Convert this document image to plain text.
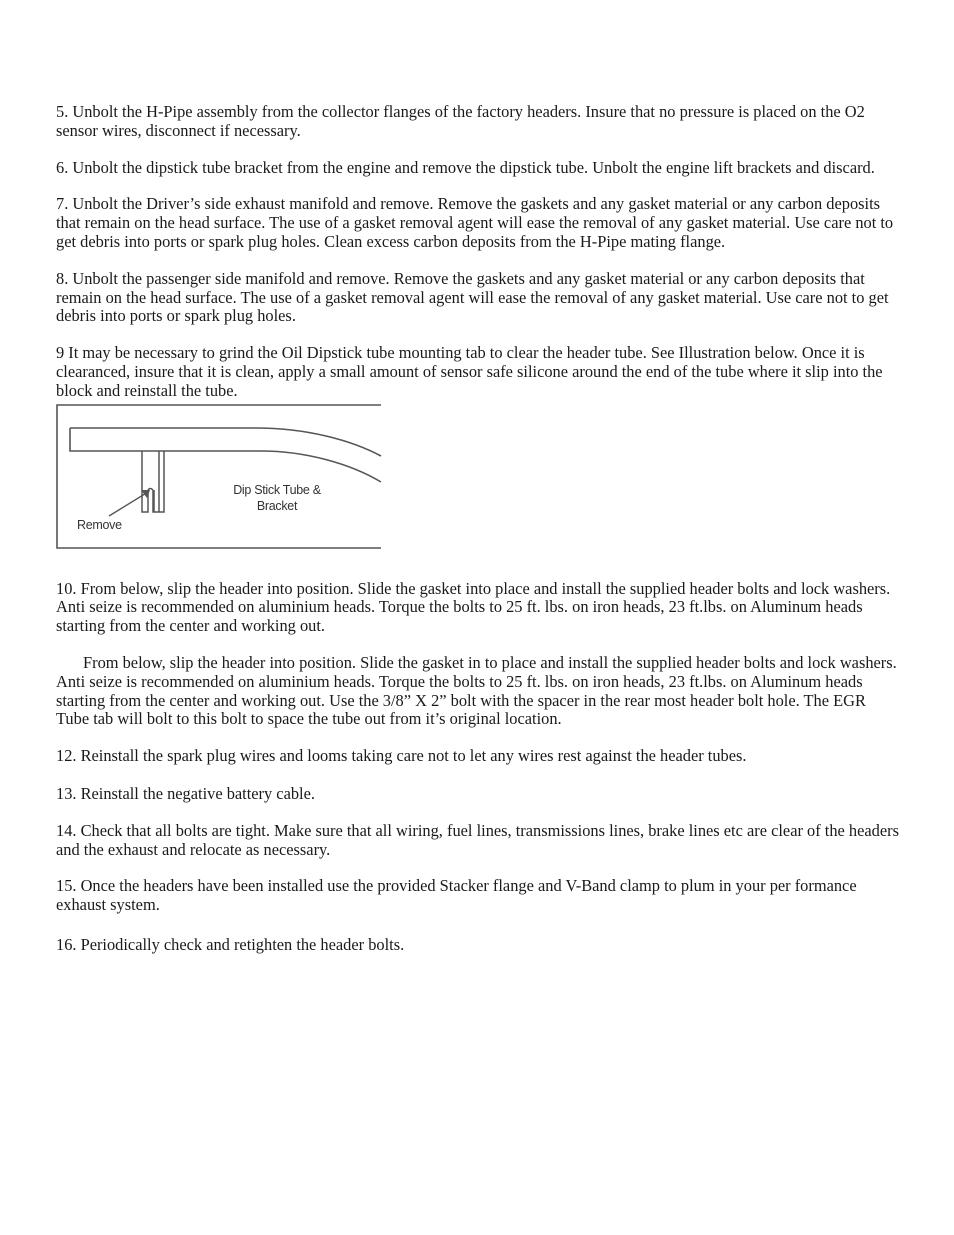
5. Unbolt the H-Pipe assembly from the collector flanges of the factory headers. Insure that no pressure is placed on the O2 sensor wires, disconnect if necessary.

6. Unbolt the dipstick tube bracket from the engine and remove the dipstick tube. Unbolt the engine lift brackets and discard.

7. Unbolt the Driver’s side exhaust manifold and remove. Remove the gaskets and any gasket material or any carbon deposits that remain on the head surface. The use of a gasket removal agent will ease the removal of any gasket material. Use care not to get debris into ports or spark plug holes. Clean excess carbon deposits from the H-Pipe mating flange.

8. Unbolt the passenger side manifold and remove. Remove the gaskets and any gasket material or any carbon deposits that remain on the head surface. The use of a gasket removal agent will ease the removal of any gasket material. Use care not to get debris into ports or spark plug holes.

9 It may be necessary to grind the Oil Dipstick tube mounting tab to clear the header tube. See Illustration below. Once it is clearanced, insure that it is clean, apply a small amount of sensor safe silicone around the end of the tube where it slip into the block and reinstall the tube.

Dip Stick Tube &
Bracket
Remove

10. From below, slip the header into position. Slide the gasket into place and install the supplied header bolts and lock washers. Anti seize is recommended on aluminium heads. Torque the bolts to 25 ft. lbs. on iron heads, 23 ft.lbs. on Aluminum heads starting from the center and working out.

From below, slip the header into position. Slide the gasket in to place and install the supplied header bolts and lock washers. Anti seize is recommended on aluminium heads. Torque the bolts to 25 ft. lbs. on iron heads, 23 ft.lbs. on Aluminum heads starting from the center and working out. Use the 3/8” X 2” bolt with the spacer in the rear most header bolt hole. The EGR Tube tab will bolt to this bolt to space the tube out from it’s original location.

12. Reinstall the spark plug wires and looms taking care not to let any wires rest against the header tubes.

13. Reinstall the negative battery cable.

14. Check that all bolts are tight. Make sure that all wiring, fuel lines, transmissions lines, brake lines etc are clear of the headers and the exhaust and relocate as necessary.

15. Once the headers have been installed use the provided Stacker flange and V-Band clamp to plum in your per formance exhaust system.

16. Periodically check and retighten the header bolts.
